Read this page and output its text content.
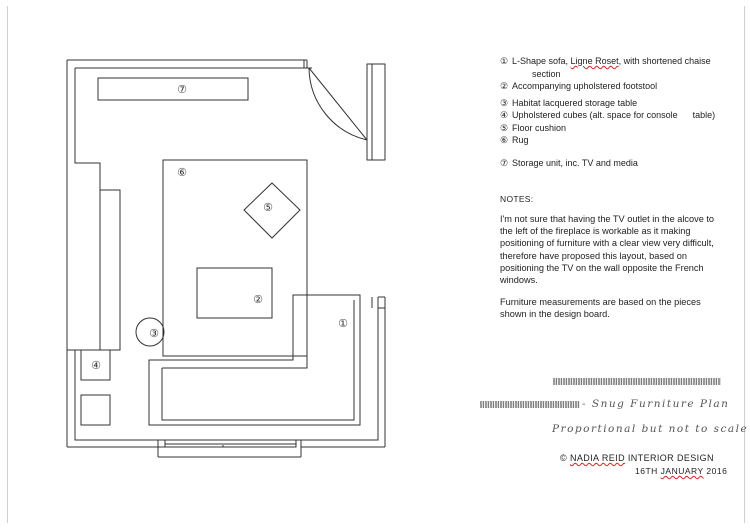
⑦
⑥
⑤
②
③
④
①
① L-Shape sofa, Ligne Roset, with shortened chaise
section
② Accompanying upholstered footstool
③ Habitat lacquered storage table
④ Upholstered cubes (alt. space for console      table)
⑤ Floor cushion
⑥ Rug
⑦ Storage unit, inc. TV and media
NOTES:

I'm not sure that having the TV outlet in the alcove to the left of the fireplace is workable as it making positioning of furniture with a clear view very difficult, therefore have proposed this layout, based on positioning the TV on the wall opposite the French windows.

Furniture measurements are based on the pieces shown in the design board.

- Snug Furniture Plan
Proportional but not to scale
© NADIA REID INTERIOR DESIGN
16TH JANUARY 2016
